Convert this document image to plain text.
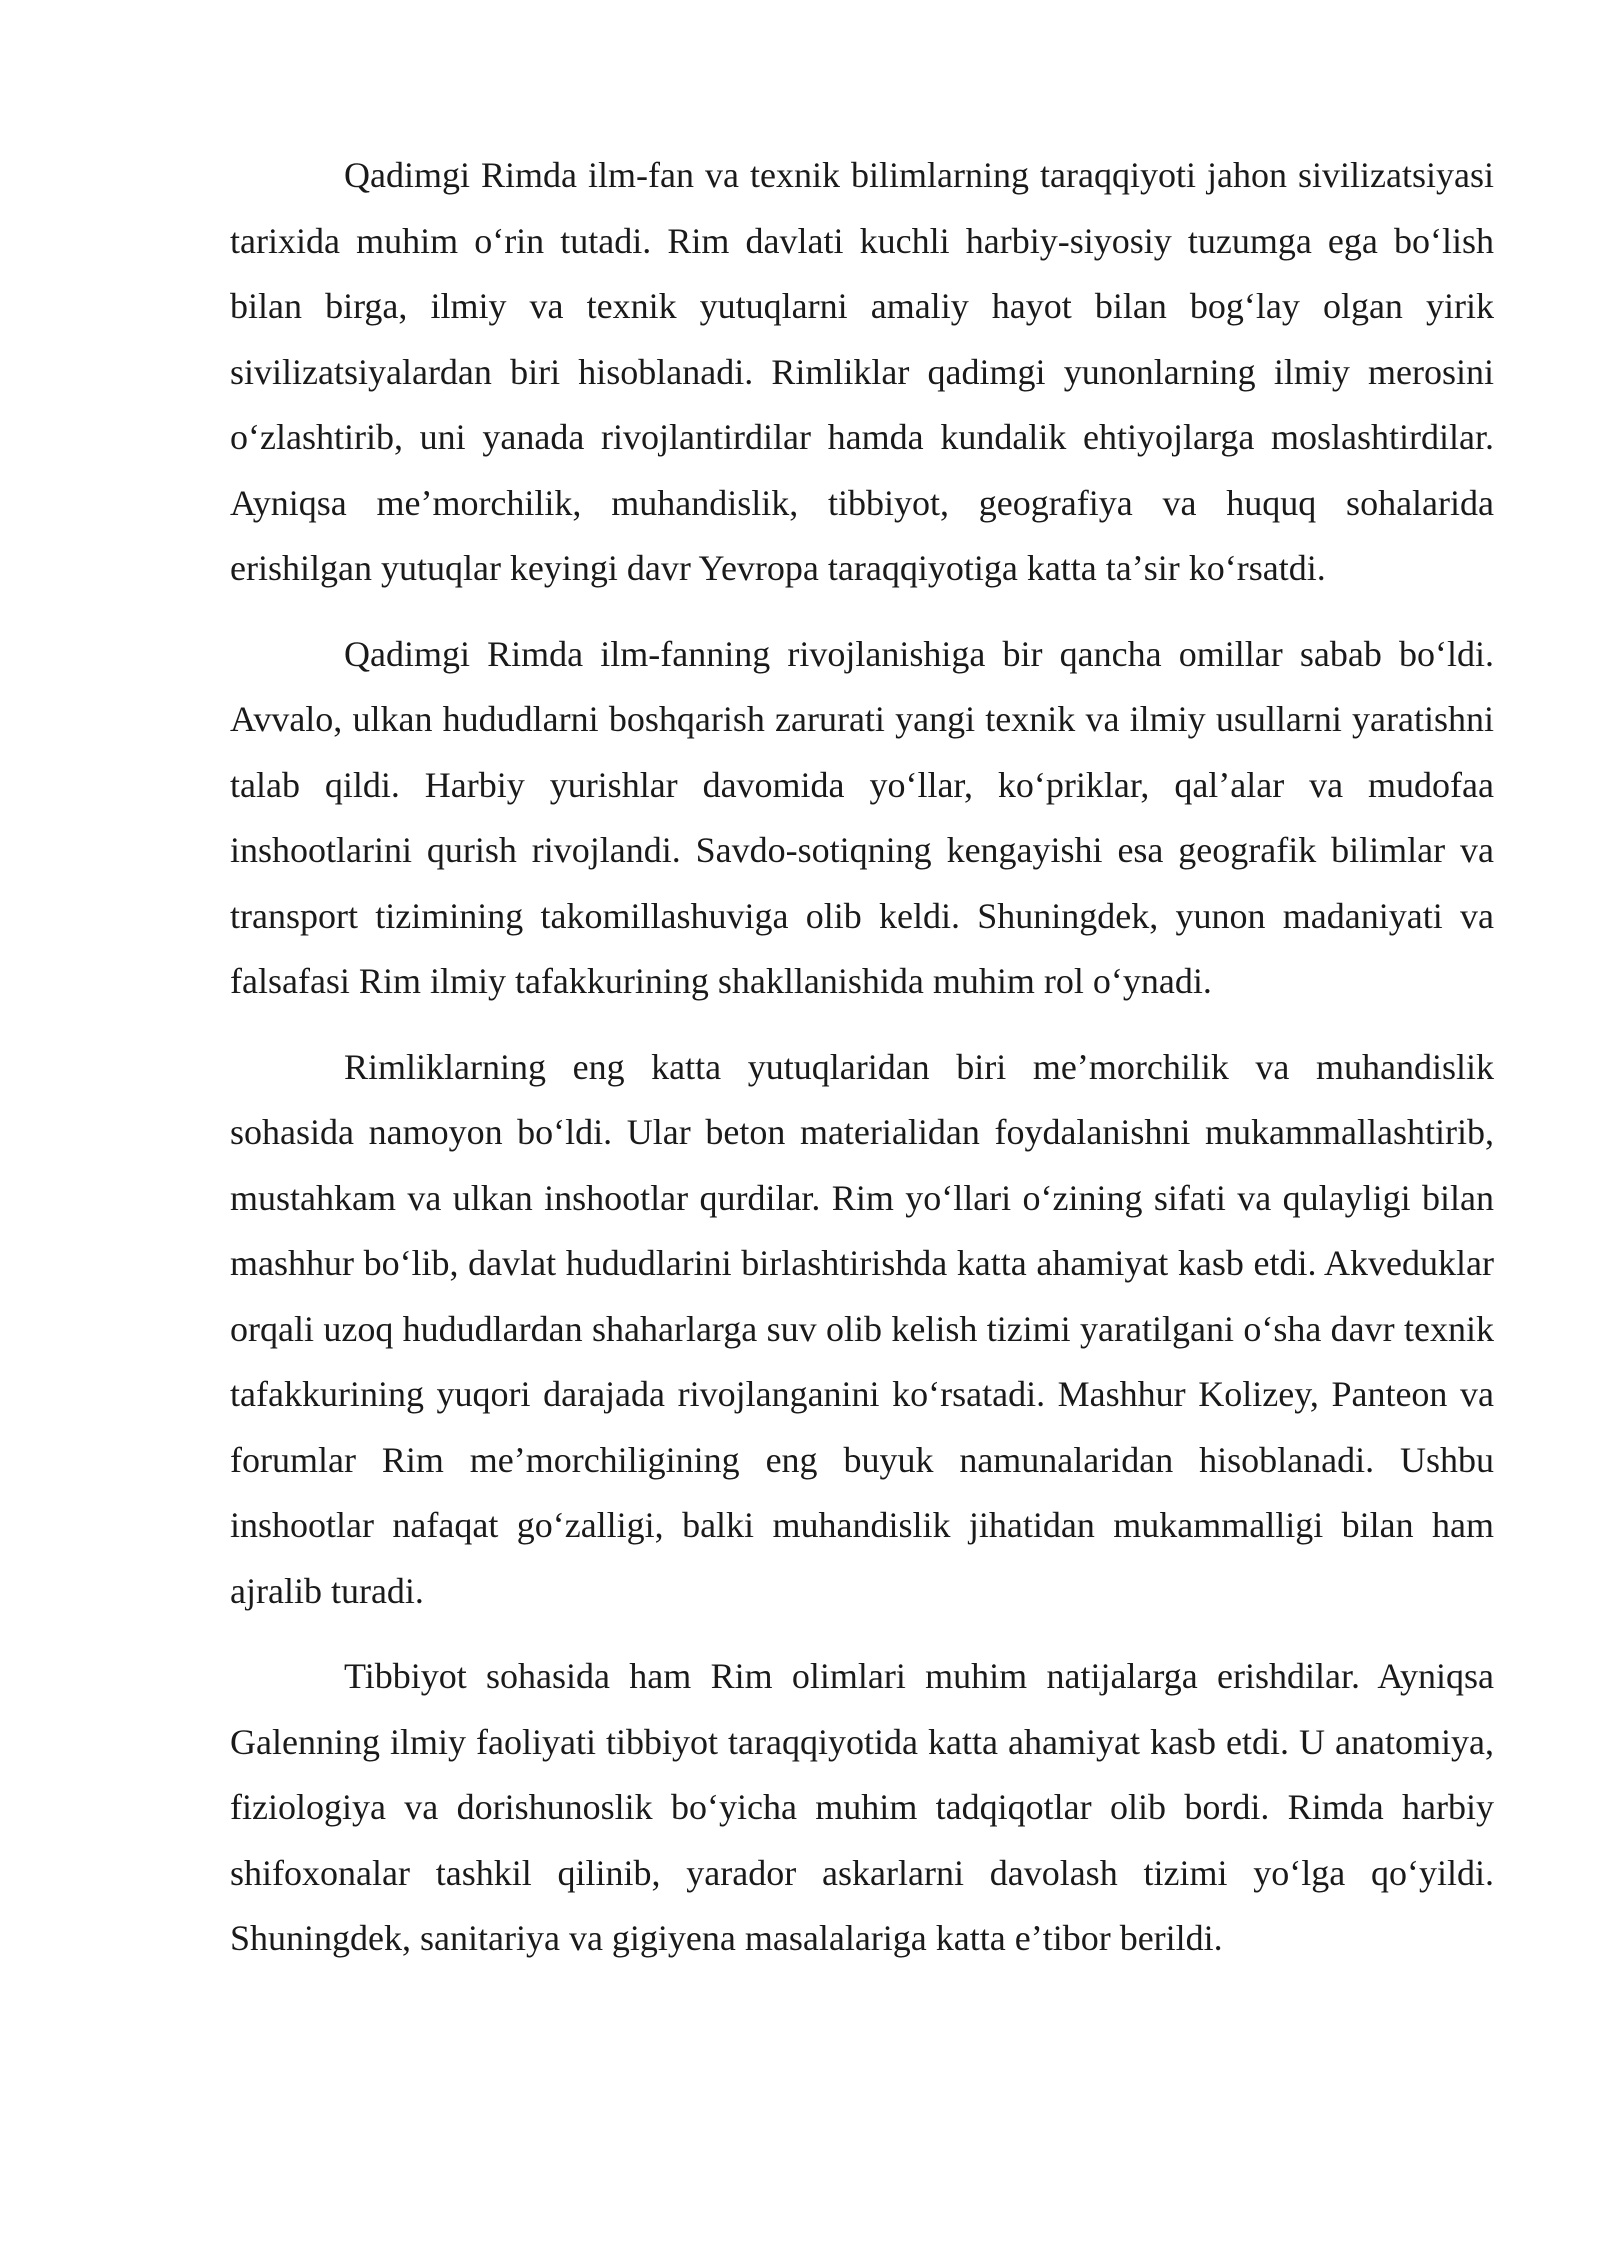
Qadimgi Rimda ilm-fan va texnik bilimlarning taraqqiyoti jahon sivilizatsiyasi tarixida muhim oʻrin tutadi. Rim davlati kuchli harbiy-siyosiy tuzumga ega boʻlish bilan birga, ilmiy va texnik yutuqlarni amaliy hayot bilan bogʻlay olgan yirik sivilizatsiyalardan biri hisoblanadi. Rimliklar qadimgi yunonlarning ilmiy merosini oʻzlashtirib, uni yanada rivojlantirdilar hamda kundalik ehtiyojlarga moslashtirdilar. Ayniqsa meʼmorchilik, muhandislik, tibbiyot, geografiya va huquq sohalarida erishilgan yutuqlar keyingi davr Yevropa taraqqiyotiga katta taʼsir koʻrsatdi.

Qadimgi Rimda ilm-fanning rivojlanishiga bir qancha omillar sabab boʻldi. Avvalo, ulkan hududlarni boshqarish zarurati yangi texnik va ilmiy usullarni yaratishni talab qildi. Harbiy yurishlar davomida yoʻllar, koʻpriklar, qalʼalar va mudofaa inshootlarini qurish rivojlandi. Savdo-sotiqning kengayishi esa geografik bilimlar va transport tizimining takomillashuviga olib keldi. Shuningdek, yunon madaniyati va falsafasi Rim ilmiy tafakkurining shakllanishida muhim rol oʻynadi.

Rimliklarning eng katta yutuqlaridan biri meʼmorchilik va muhandislik sohasida namoyon boʻldi. Ular beton materialidan foydalanishni mukammallashtirib, mustahkam va ulkan inshootlar qurdilar. Rim yoʻllari oʻzining sifati va qulayligi bilan mashhur boʻlib, davlat hududlarini birlashtirishda katta ahamiyat kasb etdi. Akveduklar orqali uzoq hududlardan shaharlarga suv olib kelish tizimi yaratilgani oʻsha davr texnik tafakkurining yuqori darajada rivojlanganini koʻrsatadi. Mashhur Kolizey, Panteon va forumlar Rim meʼmorchiligining eng buyuk namunalaridan hisoblanadi. Ushbu inshootlar nafaqat goʻzalligi, balki muhandislik jihatidan mukammalligi bilan ham ajralib turadi.

Tibbiyot sohasida ham Rim olimlari muhim natijalarga erishdilar. Ayniqsa Galenning ilmiy faoliyati tibbiyot taraqqiyotida katta ahamiyat kasb etdi. U anatomiya, fiziologiya va dorishunoslik boʻyicha muhim tadqiqotlar olib bordi. Rimda harbiy shifoxonalar tashkil qilinib, yarador askarlarni davolash tizimi yoʻlga qoʻyildi. Shuningdek, sanitariya va gigiyena masalalariga katta eʼtibor berildi.
